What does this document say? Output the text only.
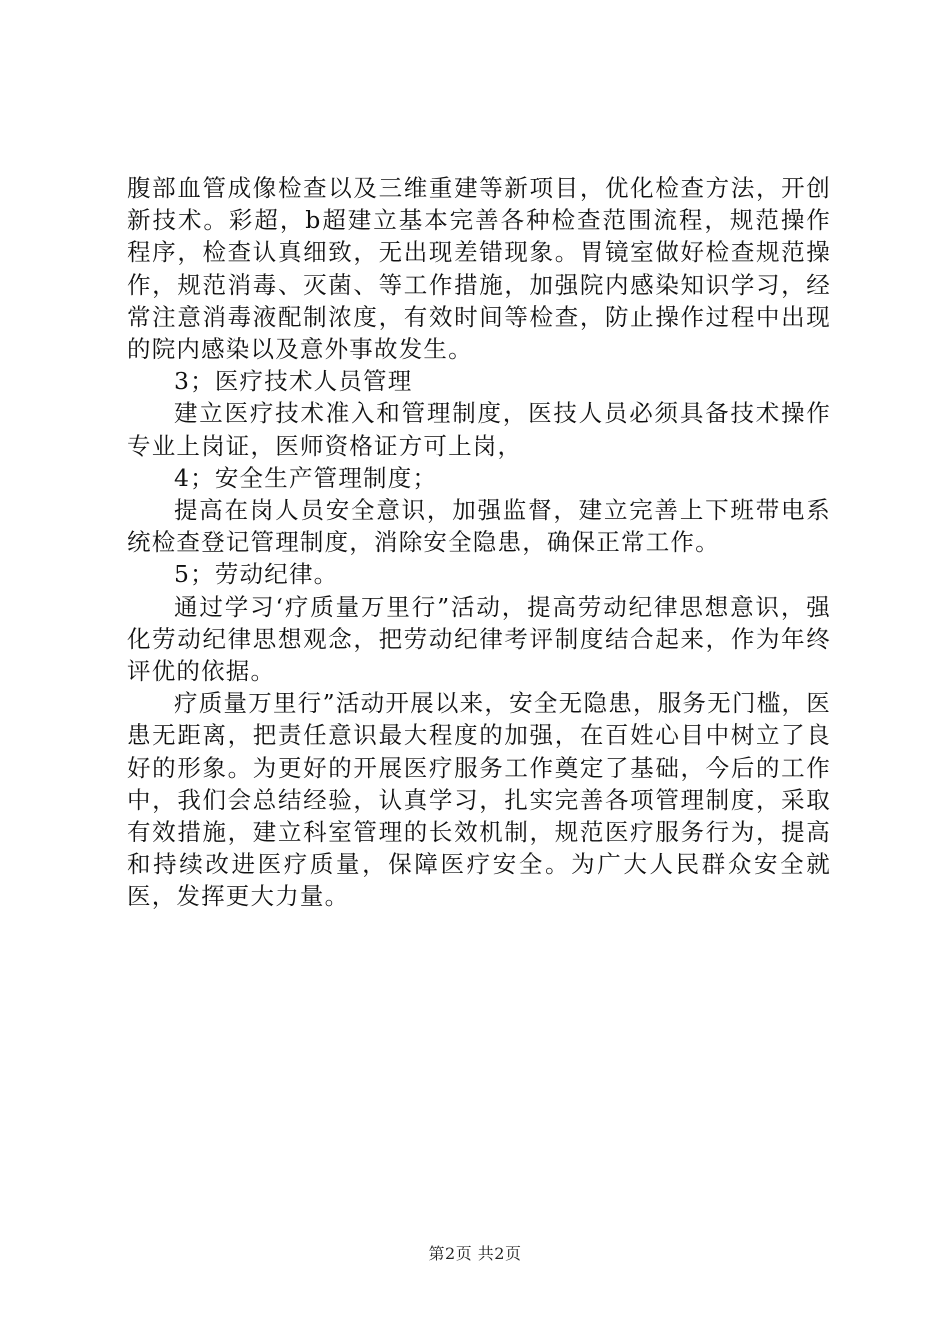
腹部血管成像检查以及三维重建等新项目，优化检查方法，开创新技术。彩超，b超建立基本完善各种检查范围流程，规范操作程序，检查认真细致，无出现差错现象。胃镜室做好检查规范操作，规范消毒、灭菌、等工作措施，加强院内感染知识学习，经常注意消毒液配制浓度，有效时间等检查，防止操作过程中出现的院内感染以及意外事故发生。

3；医疗技术人员管理

建立医疗技术准入和管理制度，医技人员必须具备技术操作专业上岗证，医师资格证方可上岗，

4；安全生产管理制度；

提高在岗人员安全意识，加强监督，建立完善上下班带电系统检查登记管理制度，消除安全隐患，确保正常工作。

5；劳动纪律。

通过学习‘疗质量万里行”活动，提高劳动纪律思想意识，强化劳动纪律思想观念，把劳动纪律考评制度结合起来，作为年终评优的依据。

疗质量万里行”活动开展以来，安全无隐患，服务无门槛，医患无距离，把责任意识最大程度的加强，在百姓心目中树立了良好的形象。为更好的开展医疗服务工作奠定了基础，今后的工作中，我们会总结经验，认真学习，扎实完善各项管理制度，采取有效措施，建立科室管理的长效机制，规范医疗服务行为，提高和持续改进医疗质量，保障医疗安全。为广大人民群众安全就医，发挥更大力量。

第2页 共2页
